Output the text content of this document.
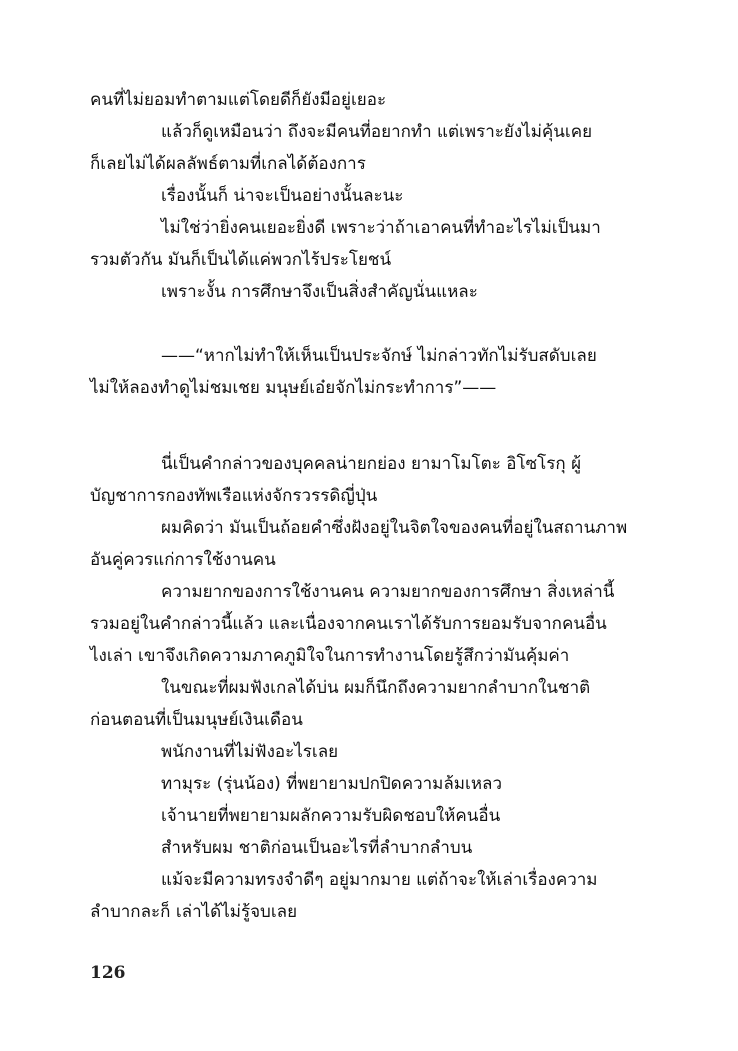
คนที่ไม่ยอมทำตามแต่โดยดีก็ยังมีอยู่เยอะ
แล้วก็ดูเหมือนว่า ถึงจะมีคนที่อยากทำ แต่เพราะยังไม่คุ้นเคย
ก็เลยไม่ได้ผลลัพธ์ตามที่เกลได้ต้องการ
เรื่องนั้นก็ น่าจะเป็นอย่างนั้นละนะ
ไม่ใช่ว่ายิ่งคนเยอะยิ่งดี เพราะว่าถ้าเอาคนที่ทำอะไรไม่เป็นมา
รวมตัวกัน มันก็เป็นได้แค่พวกไร้ประโยชน์
เพราะงั้น การศึกษาจึงเป็นสิ่งสำคัญนั่นแหละ
——“หากไม่ทำให้เห็นเป็นประจักษ์ ไม่กล่าวทักไม่รับสดับเลย
ไม่ให้ลองทำดูไม่ชมเชย มนุษย์เอ๋ยจักไม่กระทำการ”——
นี่เป็นคำกล่าวของบุคคลน่ายกย่อง ยามาโมโตะ อิโซโรกุ ผู้
บัญชาการกองทัพเรือแห่งจักรวรรดิญี่ปุ่น
ผมคิดว่า มันเป็นถ้อยคำซึ่งฝังอยู่ในจิตใจของคนที่อยู่ในสถานภาพ
อันคู่ควรแก่การใช้งานคน
ความยากของการใช้งานคน ความยากของการศึกษา สิ่งเหล่านี้
รวมอยู่ในคำกล่าวนี้แล้ว และเนื่องจากคนเราได้รับการยอมรับจากคนอื่น
ไงเล่า เขาจึงเกิดความภาคภูมิใจในการทำงานโดยรู้สึกว่ามันคุ้มค่า
ในขณะที่ผมฟังเกลได้บ่น ผมก็นึกถึงความยากลำบากในชาติ
ก่อนตอนที่เป็นมนุษย์เงินเดือน
พนักงานที่ไม่ฟังอะไรเลย
ทามุระ (รุ่นน้อง) ที่พยายามปกปิดความล้มเหลว
เจ้านายที่พยายามผลักความรับผิดชอบให้คนอื่น
สำหรับผม ชาติก่อนเป็นอะไรที่ลำบากลำบน
แม้จะมีความทรงจำดีๆ อยู่มากมาย แต่ถ้าจะให้เล่าเรื่องความ
ลำบากละก็ เล่าได้ไม่รู้จบเลย
126
